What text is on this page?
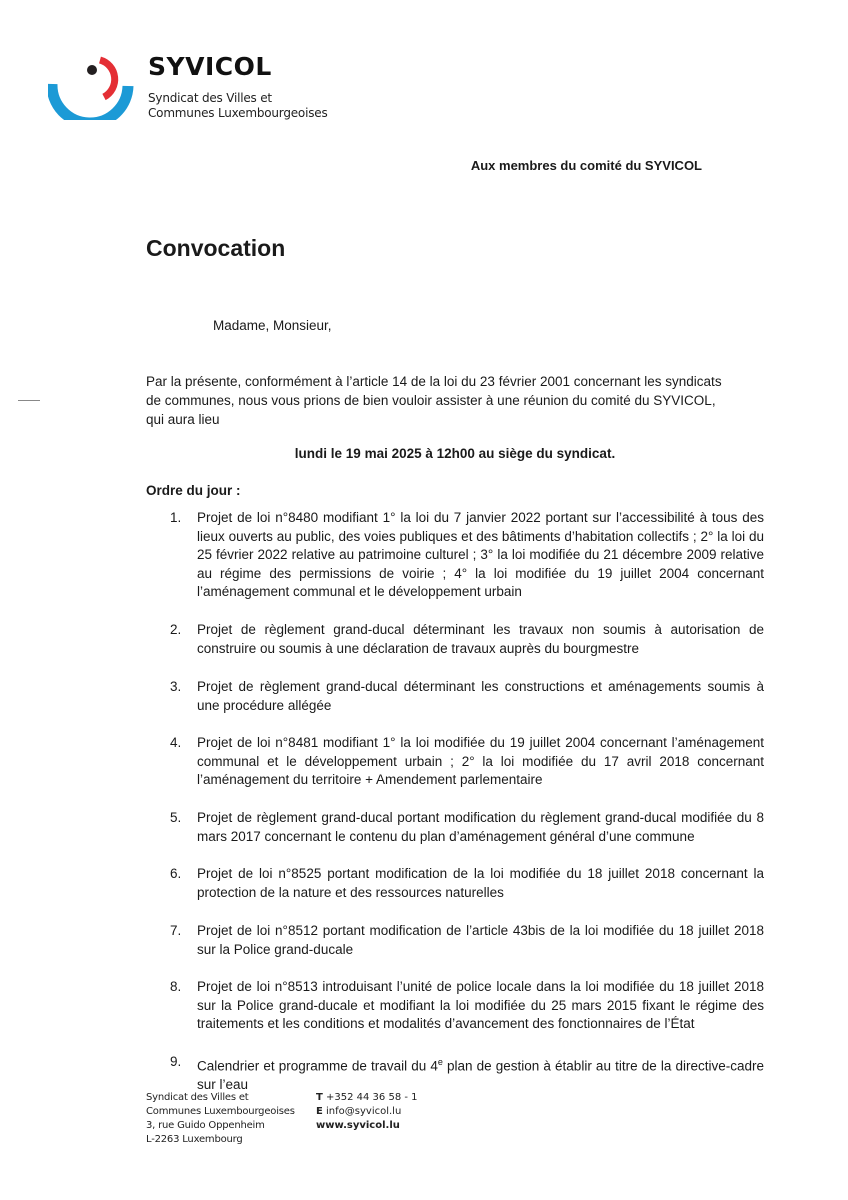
SYVICOL
Syndicat des Villes et
Communes Luxembourgeoises
Aux membres du comité du SYVICOL
Convocation
Madame, Monsieur,
Par la présente, conformément à l’article 14 de la loi du 23 février 2001 concernant les syndicats
de communes, nous vous prions de bien vouloir assister à une réunion du comité du SYVICOL,
qui aura lieu
lundi le 19 mai 2025 à 12h00 au siège du syndicat.
Ordre du jour :
1. Projet de loi n°8480 modifiant 1° la loi du 7 janvier 2022 portant sur l’accessibilité à tous des lieux ouverts au public, des voies publiques et des bâtiments d’habitation collectifs ; 2° la loi du 25 février 2022 relative au patrimoine culturel ; 3° la loi modifiée du 21 décembre 2009 relative au régime des permissions de voirie ; 4° la loi modifiée du 19 juillet 2004 concernant l’aménagement communal et le développement urbain
2. Projet de règlement grand-ducal déterminant les travaux non soumis à autorisation de construire ou soumis à une déclaration de travaux auprès du bourgmestre
3. Projet de règlement grand-ducal déterminant les constructions et aménagements soumis à une procédure allégée
4. Projet de loi n°8481 modifiant 1° la loi modifiée du 19 juillet 2004 concernant l’aménagement communal et le développement urbain ; 2° la loi modifiée du 17 avril 2018 concernant l’aménagement du territoire + Amendement parlementaire
5. Projet de règlement grand-ducal portant modification du règlement grand-ducal modifiée du 8 mars 2017 concernant le contenu du plan d’aménagement général d’une commune
6. Projet de loi n°8525 portant modification de la loi modifiée du 18 juillet 2018 concernant la protection de la nature et des ressources naturelles
7. Projet de loi n°8512 portant modification de l’article 43bis de la loi modifiée du 18 juillet 2018 sur la Police grand-ducale
8. Projet de loi n°8513 introduisant l’unité de police locale dans la loi modifiée du 18 juillet 2018 sur la Police grand-ducale et modifiant la loi modifiée du 25 mars 2015 fixant le régime des traitements et les conditions et modalités d’avancement des fonctionnaires de l’État
9. Calendrier et programme de travail du 4e plan de gestion à établir au titre de la directive-cadre sur l’eau
Syndicat des Villes et
Communes Luxembourgeoises
3, rue Guido Oppenheim
L-2263 Luxembourg
T +352 44 36 58 - 1
E info@syvicol.lu
www.syvicol.lu
